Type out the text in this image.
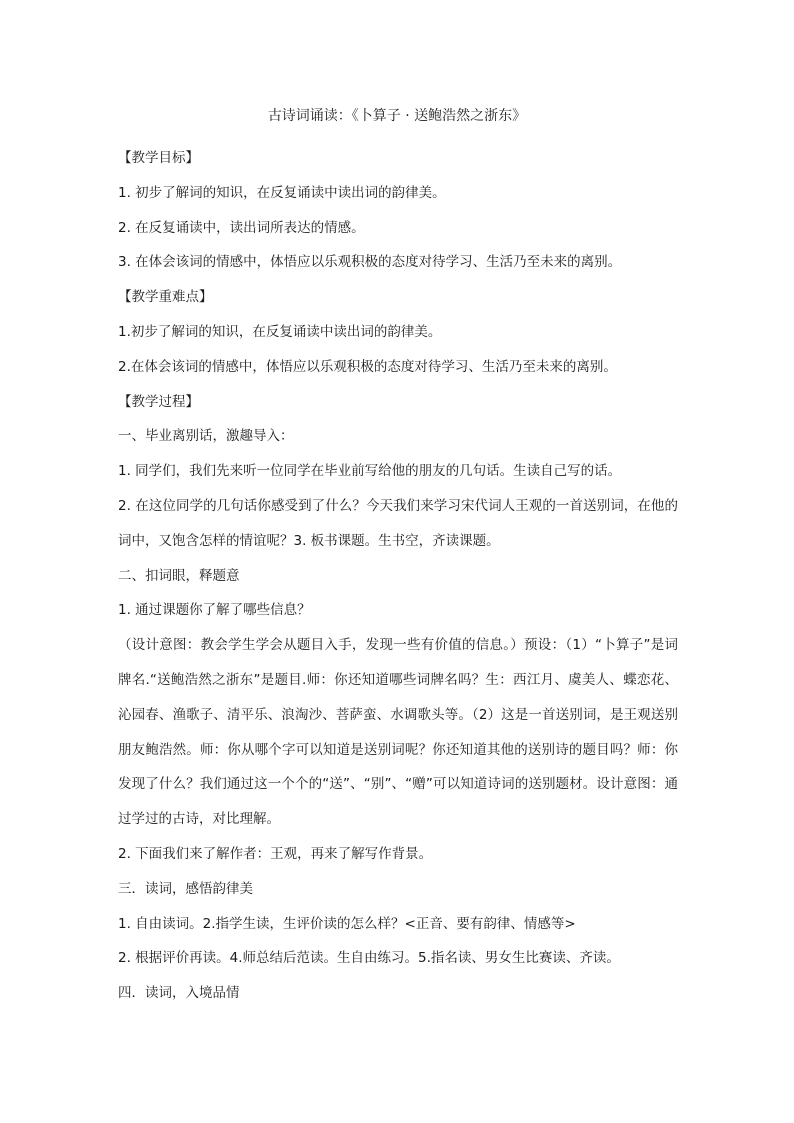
古诗词诵读：《卜算子 · 送鲍浩然之浙东》

【教学目标】

1. 初步了解词的知识，在反复诵读中读出词的韵律美。

2. 在反复诵读中，读出词所表达的情感。

3. 在体会该词的情感中，体悟应以乐观积极的态度对待学习、生活乃至未来的离别。

【教学重难点】

1.初步了解词的知识，在反复诵读中读出词的韵律美。

2.在体会该词的情感中，体悟应以乐观积极的态度对待学习、生活乃至未来的离别。

【教学过程】

一、毕业离别话，激趣导入：

1. 同学们，我们先来听一位同学在毕业前写给他的朋友的几句话。生读自己写的话。

2. 在这位同学的几句话你感受到了什么？今天我们来学习宋代词人王观的一首送别词，在他的词中，又饱含怎样的情谊呢？3. 板书课题。生书空，齐读课题。

二、扣词眼，释题意

1. 通过课题你了解了哪些信息？

（设计意图：教会学生学会从题目入手，发现一些有价值的信息。）预设：（1）“卜算子”是词牌名.“送鲍浩然之浙东”是题目.师：你还知道哪些词牌名吗？生：西江月、虞美人、蝶恋花、沁园春、渔歌子、清平乐、浪淘沙、菩萨蛮、水调歌头等。（2）这是一首送别词，是王观送别朋友鲍浩然。师：你从哪个字可以知道是送别词呢？你还知道其他的送别诗的题目吗？师：你发现了什么？我们通过这一个个的“送”、“别”、“赠”可以知道诗词的送别题材。设计意图：通过学过的古诗，对比理解。

2. 下面我们来了解作者：王观，再来了解写作背景。

三．读词，感悟韵律美

1. 自由读词。2.指学生读，生评价读的怎么样？<正音、要有韵律、情感等>

2. 根据评价再读。4.师总结后范读。生自由练习。5.指名读、男女生比赛读、齐读。

四．读词，入境品情
